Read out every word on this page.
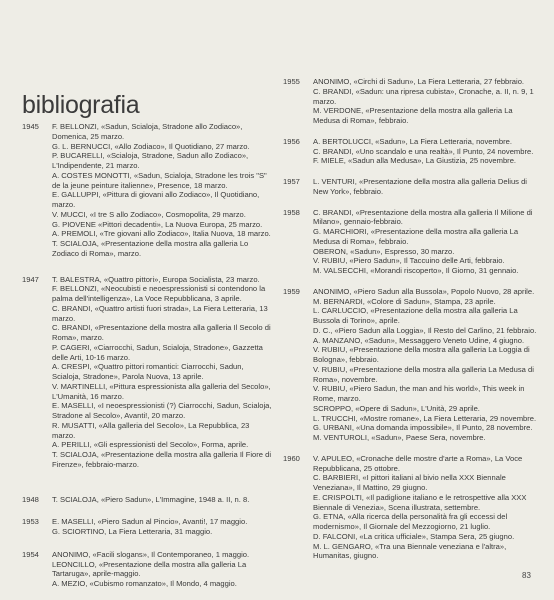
bibliografia
1945	F. BELLONZI, «Sadun, Scialoja, Stradone allo Zodiaco», Domenica, 25 marzo.
G. L. BERNUCCI, «Allo Zodiaco», Il Quotidiano, 27 marzo.
P. BUCARELLI, «Scialoja, Stradone, Sadun allo Zodiaco», L'Indipendente, 21 marzo.
A. COSTES MONOTTI, «Sadun, Scialoja, Stradone les trois "S" de la jeune peinture italienne», Presence, 18 marzo.
E. GALLUPPI, «Pittura di giovani allo Zodiaco», Il Quotidiano, marzo.
V. MUCCI, «I tre S allo Zodiaco», Cosmopolita, 29 marzo.
G. PIOVENE «Pittori decadenti», La Nuova Europa, 25 marzo.
A. PREMOLI, «Tre giovani allo Zodiaco», Italia Nuova, 18 marzo.
T. SCIALOJA, «Presentazione della mostra alla galleria Lo Zodiaco di Roma», marzo.
1947	T. BALESTRA, «Quattro pittori», Europa Socialista, 23 marzo.
F. BELLONZI, «Neocubisti e neoespressionisti si contendono la palma dell'intelligenza», La Voce Repubblicana, 3 aprile.
C. BRANDI, «Quattro artisti fuori strada», La Fiera Letteraria, 13 marzo.
C. BRANDI, «Presentazione della mostra alla galleria Il Secolo di Roma», marzo.
P. CAGERI, «Ciarrocchi, Sadun, Scialoja, Stradone», Gazzetta delle Arti, 10-16 marzo.
A. CRESPI, «Quattro pittori romantici: Ciarrocchi, Sadun, Scialoja, Stradone», Parola Nuova, 13 aprile.
V. MARTINELLI, «Pittura espressionista alla galleria del Secolo», L'Umanità, 16 marzo.
E. MASELLI, «I neoespressionisti (?) Ciarrocchi, Sadun, Scialoja, Stradone al Secolo», Avanti!, 20 marzo.
R. MUSATTI, «Alla galleria del Secolo», La Repubblica, 23 marzo.
A. PERILLI, «Gli espressionisti del Secolo», Forma, aprile.
T. SCIALOJA, «Presentazione della mostra alla galleria Il Fiore di Firenze», febbraio-marzo.
1948	T. SCIALOJA, «Piero Sadun», L'Immagine, 1948 a. II, n. 8.
1953	E. MASELLI, «Piero Sadun al Pincio», Avanti!, 17 maggio.
G. SCIORTINO, La Fiera Letteraria, 31 maggio.
1954	ANONIMO, «Facili slogans», Il Contemporaneo, 1 maggio.
LEONCILLO, «Presentazione della mostra alla galleria La Tartaruga», aprile-maggio.
A. MEZIO, «Cubismo romanzato», Il Mondo, 4 maggio.
1955	ANONIMO, «Circhi di Sadun», La Fiera Letteraria, 27 febbraio.
C. BRANDI, «Sadun: una ripresa cubista», Cronache, a. II, n. 9, 1 marzo.
M. VERDONE, «Presentazione della mostra alla galleria La Medusa di Roma», febbraio.
1956	A. BERTOLUCCI, «Sadun», La Fiera Letteraria, novembre.
C. BRANDI, «Uno scandalo e una realtà», Il Punto, 24 novembre.
F. MIELE, «Sadun alla Medusa», La Giustizia, 25 novembre.
1957	L. VENTURI, «Presentazione della mostra alla galleria Delius di New York», febbraio.
1958	C. BRANDI, «Presentazione della mostra alla galleria Il Milione di Milano», gennaio-febbraio.
G. MARCHIORI, «Presentazione della mostra alla galleria La Medusa di Roma», febbraio.
OBERON, «Sadun», Espresso, 30 marzo.
V. RUBIU, «Piero Sadun», Il Taccuino delle Arti, febbraio.
M. VALSECCHI, «Morandi riscoperto», Il Giorno, 31 gennaio.
1959	ANONIMO, «Piero Sadun alla Bussola», Popolo Nuovo, 28 aprile.
M. BERNARDI, «Colore di Sadun», Stampa, 23 aprile.
L. CARLUCCIO, «Presentazione della mostra alla galleria La Bussola di Torino», aprile.
D. C., «Piero Sadun alla Loggia», Il Resto del Carlino, 21 febbraio.
A. MANZANO, «Sadun», Messaggero Veneto Udine, 4 giugno.
V. RUBIU, «Presentazione della mostra alla galleria La Loggia di Bologna», febbraio.
V. RUBIU, «Presentazione della mostra alla galleria La Medusa di Roma», novembre.
V. RUBIU, «Piero Sadun, the man and his world», This week in Rome, marzo.
SCROPPO, «Opere di Sadun», L'Unità, 29 aprile.
L. TRUCCHI, «Mostre romane», La Fiera Letteraria, 29 novembre.
G. URBANI, «Una domanda impossibile», Il Punto, 28 novembre.
M. VENTUROLI, «Sadun», Paese Sera, novembre.
1960	V. APULEO, «Cronache delle mostre d'arte a Roma», La Voce Repubblicana, 25 ottobre.
C. BARBIERI, «I pittori italiani al bivio nella XXX Biennale Veneziana», Il Mattino, 29 giugno.
E. CRISPOLTI, «Il padiglione italiano e le retrospettive alla XXX Biennale di Venezia», Scena illustrata, settembre.
G. ETNA, «Alla ricerca della personalità fra gli eccessi del modernismo», Il Giornale del Mezzogiorno, 21 luglio.
D. FALCONI, «La critica ufficiale», Stampa Sera, 25 giugno.
M. L. GENGARO, «Tra una Biennale veneziana e l'altra», Humanitas, giugno.
83
